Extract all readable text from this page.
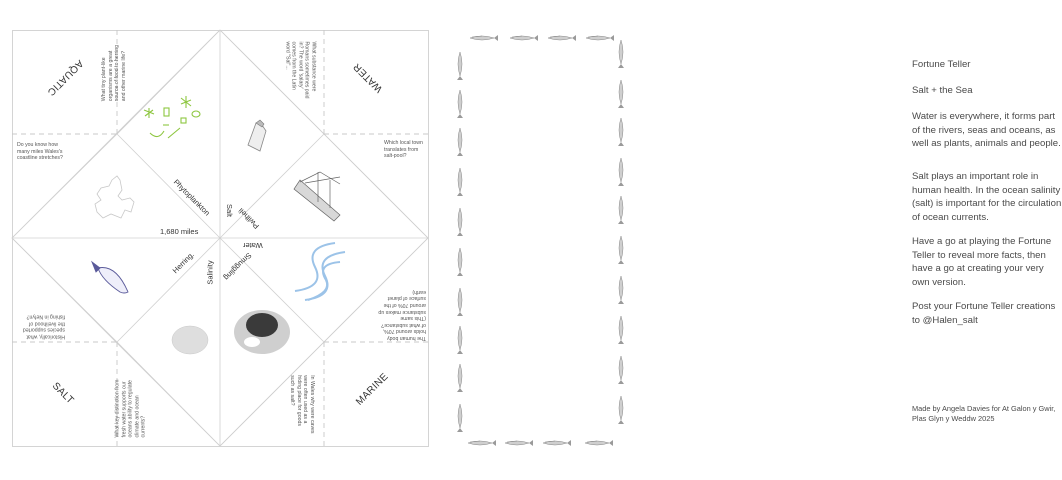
AQUATIC	WATER
SALT	MARINE
What tiny plant-like organisms are a great source of food to herring and other marine life?	What substance were Romans sometimes paid in? The word 'salary' comes from the Latin word "Sal"...
Do you know how many miles Wales's coastline stretches?
Which local town translates from salt-pool?
Historically, what species supported the livelihood of fishing in Nefyn?
The human body holds around 70%, of what substance? (This same substance makes up around 70% of the surface of planet earth)
What key distinction from fresh water supports our oceans ability to regulate climate and ocean currents?	In Wales why were caves were often used as a hiding place for goods such as salt?
Phytoplankton
1,680 miles
Salt Pwllheli
Water
Smuggling
Herring. Salinity
Fortune Teller
Salt + the Sea
Water is everywhere, it forms part of the rivers, seas and oceans, as well as plants, animals and people.
Salt plays an important role in human health. In the ocean salinity (salt) is important for the circulation of ocean currents.
Have a go at playing the Fortune Teller to reveal more facts, then have a go at creating your very own version.
Post your Fortune Teller creations to @Halen_salt
Made by Angela Davies for At Galon y Gwir, Plas Glyn y Weddw 2025
